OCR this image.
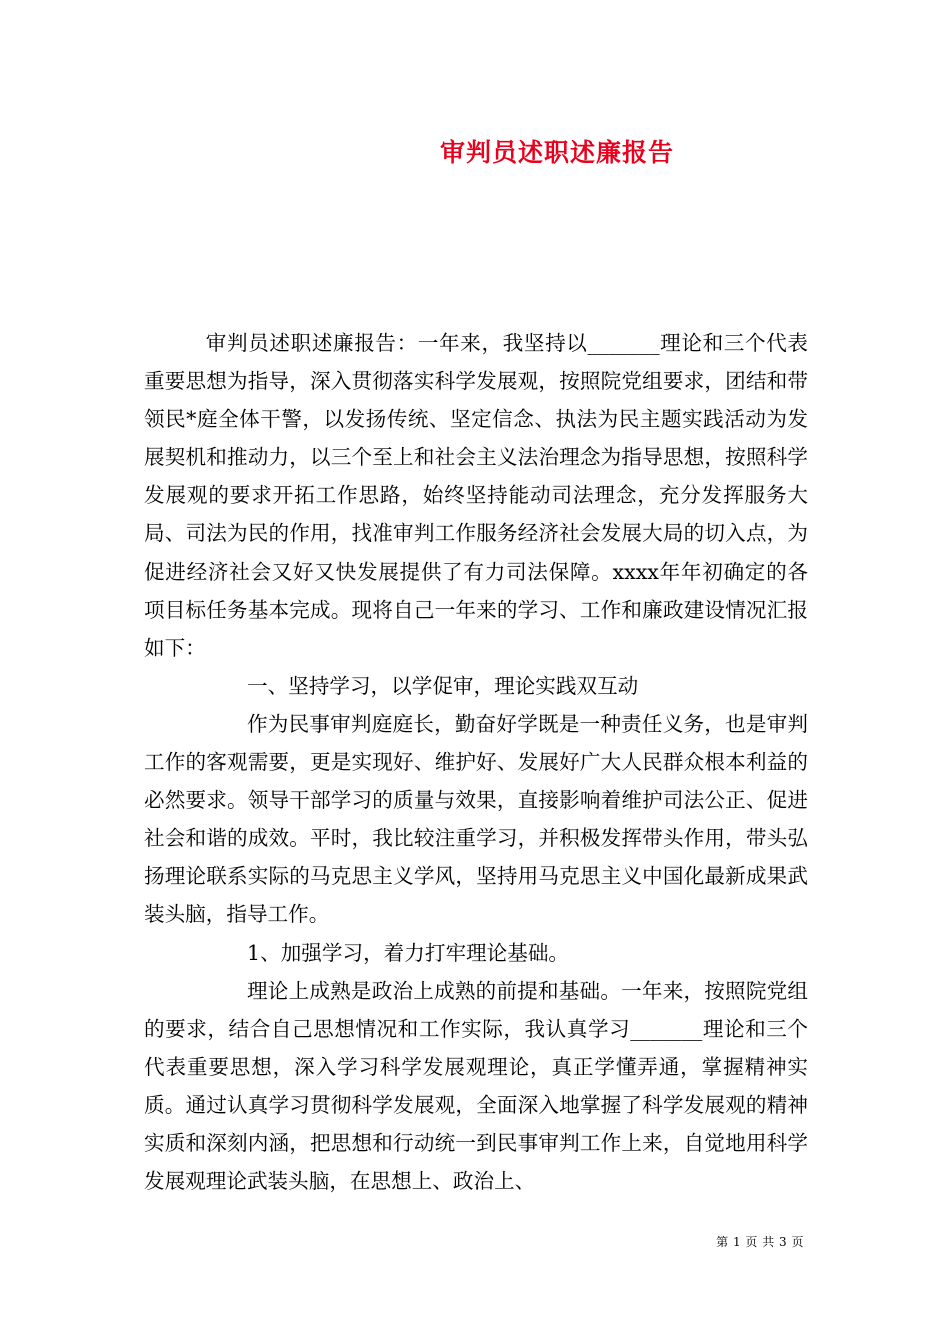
审判员述职述廉报告

审判员述职述廉报告：一年来，我坚持以_______理论和三个代表重要思想为指导，深入贯彻落实科学发展观，按照院党组要求，团结和带领民*庭全体干警，以发扬传统、坚定信念、执法为民主题实践活动为发展契机和推动力，以三个至上和社会主义法治理念为指导思想，按照科学发展观的要求开拓工作思路，始终坚持能动司法理念，充分发挥服务大局、司法为民的作用，找准审判工作服务经济社会发展大局的切入点，为促进经济社会又好又快发展提供了有力司法保障。xxxx年年初确定的各项目标任务基本完成。现将自己一年来的学习、工作和廉政建设情况汇报如下：

一、坚持学习，以学促审，理论实践双互动

作为民事审判庭庭长，勤奋好学既是一种责任义务，也是审判工作的客观需要，更是实现好、维护好、发展好广大人民群众根本利益的必然要求。领导干部学习的质量与效果，直接影响着维护司法公正、促进社会和谐的成效。平时，我比较注重学习，并积极发挥带头作用，带头弘扬理论联系实际的马克思主义学风，坚持用马克思主义中国化最新成果武装头脑，指导工作。

1、加强学习，着力打牢理论基础。

理论上成熟是政治上成熟的前提和基础。一年来，按照院党组的要求，结合自己思想情况和工作实际，我认真学习_______理论和三个代表重要思想，深入学习科学发展观理论，真正学懂弄通，掌握精神实质。通过认真学习贯彻科学发展观，全面深入地掌握了科学发展观的精神实质和深刻内涵，把思想和行动统一到民事审判工作上来，自觉地用科学发展观理论武装头脑，在思想上、政治上、

第 1 页 共 3 页
